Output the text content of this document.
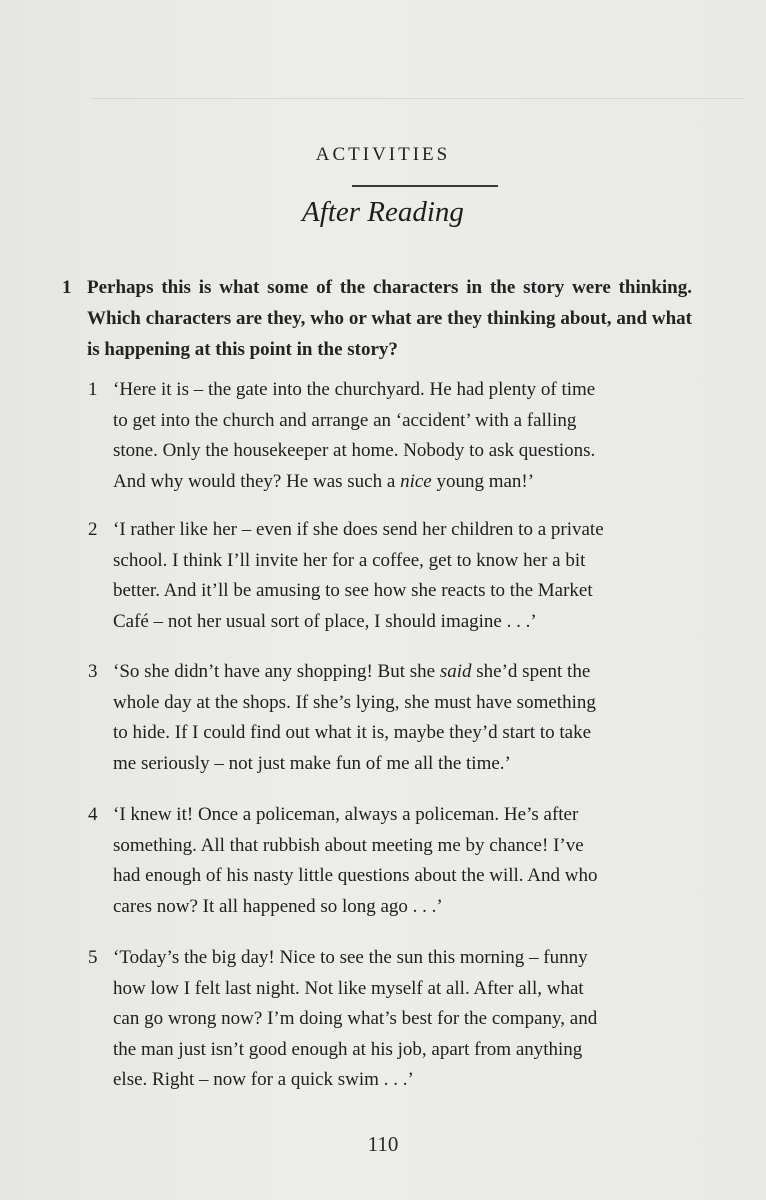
ACTIVITIES
After Reading
1 Perhaps this is what some of the characters in the story were thinking. Which characters are they, who or what are they thinking about, and what is happening at this point in the story?
1 ‘Here it is – the gate into the churchyard. He had plenty of time
to get into the church and arrange an ‘accident’ with a falling
stone. Only the housekeeper at home. Nobody to ask questions.
And why would they? He was such a nice young man!’
2 ‘I rather like her – even if she does send her children to a private
school. I think I’ll invite her for a coffee, get to know her a bit
better. And it’ll be amusing to see how she reacts to the Market
Café – not her usual sort of place, I should imagine . . .’
3 ‘So she didn’t have any shopping! But she said she’d spent the
whole day at the shops. If she’s lying, she must have something
to hide. If I could find out what it is, maybe they’d start to take
me seriously – not just make fun of me all the time.’
4 ‘I knew it! Once a policeman, always a policeman. He’s after
something. All that rubbish about meeting me by chance! I’ve
had enough of his nasty little questions about the will. And who
cares now? It all happened so long ago . . .’
5 ‘Today’s the big day! Nice to see the sun this morning – funny
how low I felt last night. Not like myself at all. After all, what
can go wrong now? I’m doing what’s best for the company, and
the man just isn’t good enough at his job, apart from anything
else. Right – now for a quick swim . . .’
110
